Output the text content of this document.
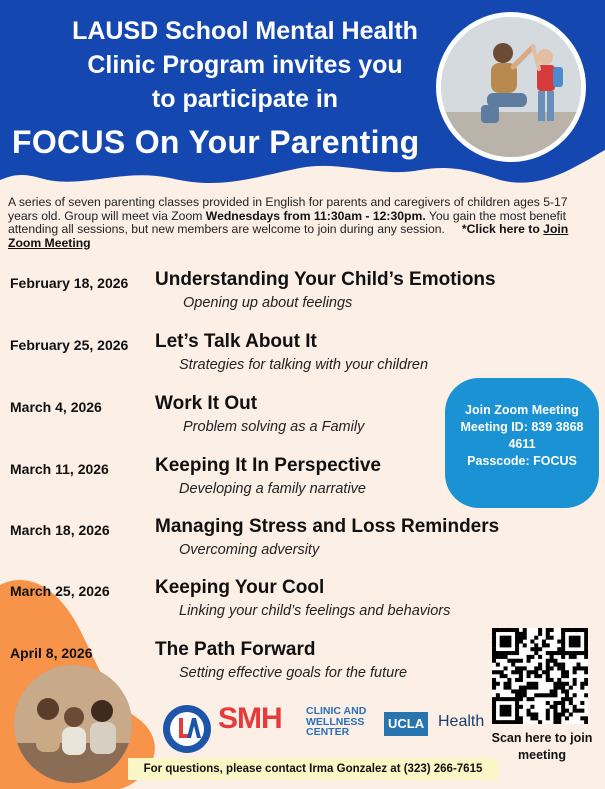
LAUSD School Mental Health
Clinic Program invites you
to participate in
FOCUS On Your Parenting
A series of seven parenting classes provided in English for parents and caregivers of children ages 5-17 years old. Group will meet via Zoom Wednesdays from 11:30am - 12:30pm. You gain the most benefit attending all sessions, but new members are welcome to join during any session. *Click here to Join Zoom Meeting
February 18, 2026 Understanding Your Child’s Emotions
Opening up about feelings
February 25, 2026 Let’s Talk About It
Strategies for talking with your children
March 4, 2026	Work It Out
Problem solving as a Family
March 11, 2026 Keeping It In Perspective
Developing a family narrative
March 18, 2026 Managing Stress and Loss Reminders
Overcoming adversity
March 25, 2026 Keeping Your Cool
Linking your child’s feelings and behaviors
April 8, 2026	The Path Forward
Setting effective goals for the future
Join Zoom Meeting
Meeting ID: 839 3868
4611
Passcode: FOCUS
SMH CLINIC AND
WELLNESS
CENTER
UCLA Health
Scan here to join meeting
For questions, please contact Irma Gonzalez at (323) 266-7615
